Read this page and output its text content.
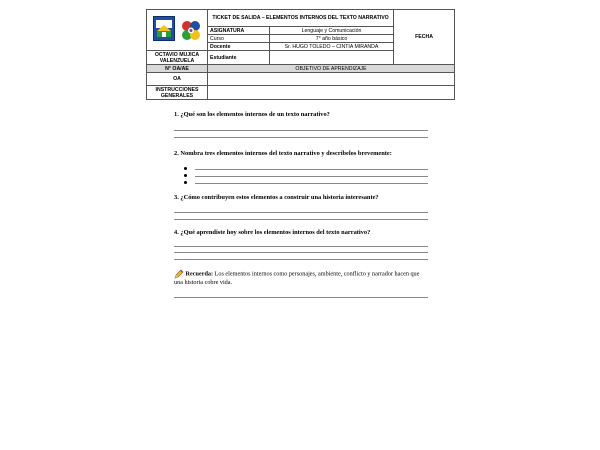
	TICKET DE SALIDA – ELEMENTOS INTERNOS DEL TEXTO NARRATIVO		FECHA
	ASIGNATURA	Lenguaje y Comunicación	
	Curso	7° año básico	
	Docente	Sr. HUGO TOLEDO – CINTIA MIRANDA	
OCTAVIO MUJICA VALENZUELA	Estudiante		
N° OA/AE	OBJETIVO DE APRENDIZAJE		
OA			
INSTRUCCIONES GENERALES			

1. ¿Qué son los elementos internos de un texto narrativo?

2. Nombra tres elementos internos del texto narrativo y descríbelos brevemente:

3. ¿Cómo contribuyen estos elementos a construir una historia interesante?

4. ¿Qué aprendiste hoy sobre los elementos internos del texto narrativo?

Recuerda: Los elementos internos como personajes, ambiente, conflicto y narrador hacen que una historia cobre vida.
